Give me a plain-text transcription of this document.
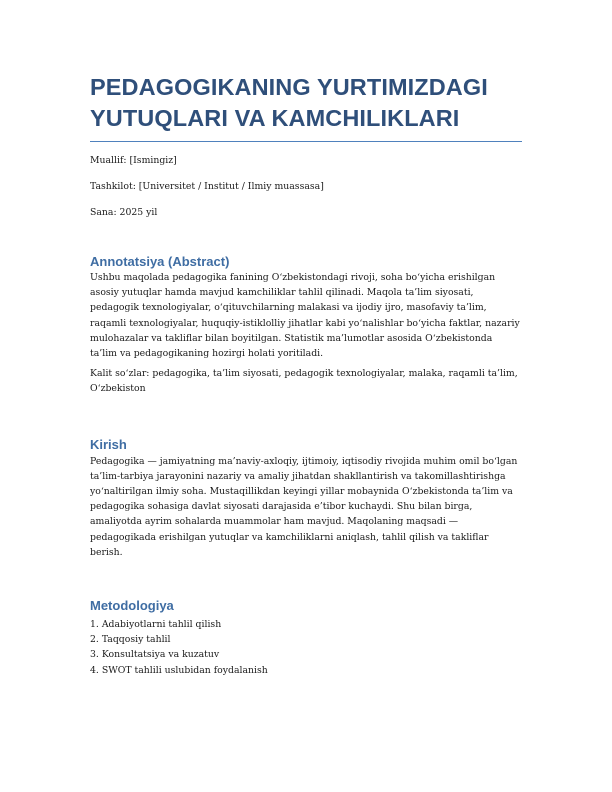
PEDAGOGIKANING YURTIMIZDAGI
YUTUQLARI VA KAMCHILIKLARI

Muallif: [Ismingiz]

Tashkilot: [Universitet / Institut / Ilmiy muassasa]

Sana: 2025 yil

Annotatsiya (Abstract)

Ushbu maqolada pedagogika fanining O‘zbekistondagi rivoji, soha bo‘yicha erishilgan asosiy yutuqlar hamda mavjud kamchiliklar tahlil qilinadi. Maqola ta’lim siyosati, pedagogik texnologiyalar, o‘qituvchilarning malakasi va ijodiy ijro, masofaviy ta’lim, raqamli texnologiyalar, huquqiy-istiklolliy jihatlar kabi yo‘nalishlar bo‘yicha faktlar, nazariy mulohazalar va takliflar bilan boyitilgan. Statistik ma’lumotlar asosida O‘zbekistonda ta’lim va pedagogikaning hozirgi holati yoritiladi.

Kalit so‘zlar: pedagogika, ta’lim siyosati, pedagogik texnologiyalar, malaka, raqamli ta’lim, O‘zbekiston

Kirish

Pedagogika — jamiyatning ma’naviy-axloqiy, ijtimoiy, iqtisodiy rivojida muhim omil bo‘lgan ta’lim-tarbiya jarayonini nazariy va amaliy jihatdan shakllantirish va takomillashtirishga yo‘naltirilgan ilmiy soha. Mustaqillikdan keyingi yillar mobaynida O‘zbekistonda ta’lim va pedagogika sohasiga davlat siyosati darajasida e’tibor kuchaydi. Shu bilan birga, amaliyotda ayrim sohalarda muammolar ham mavjud. Maqolaning maqsadi — pedagogikada erishilgan yutuqlar va kamchiliklarni aniqlash, tahlil qilish va takliflar berish.

Metodologiya
1. Adabiyotlarni tahlil qilish
2. Taqqosiy tahlil
3. Konsultatsiya va kuzatuv
4. SWOT tahlili uslubidan foydalanish
